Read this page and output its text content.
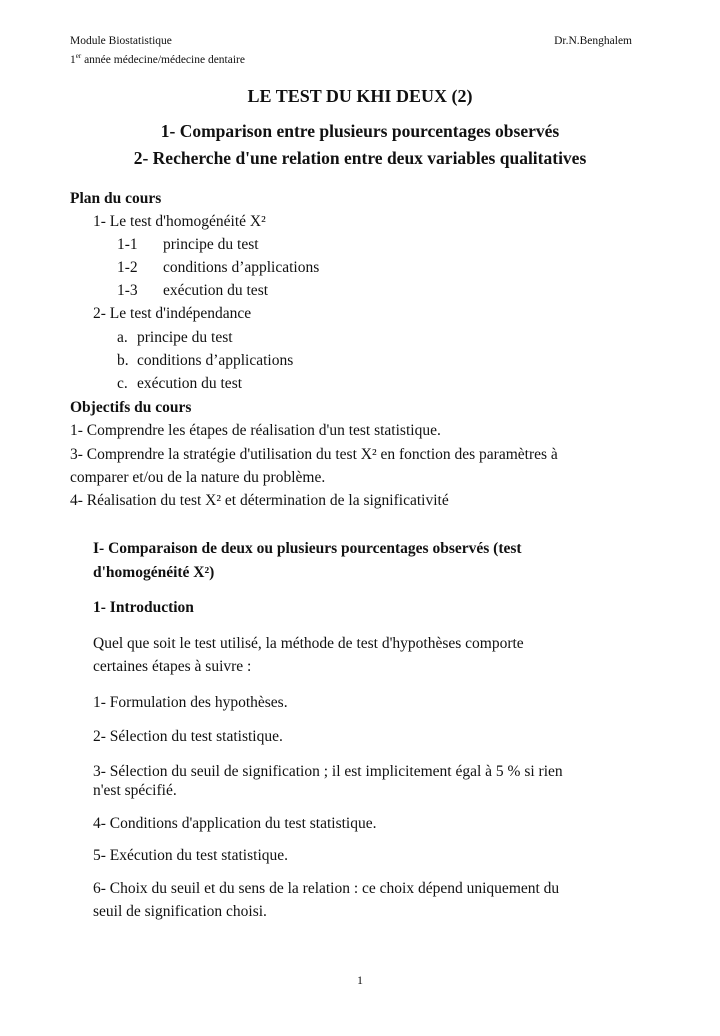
Module Biostatistique
1er année médecine/médecine dentaire
Dr.N.Benghalem
LE TEST DU KHI DEUX (2)
1- Comparison entre plusieurs pourcentages observés
2- Recherche d'une relation entre deux variables qualitatives
Plan du cours
1- Le test d'homogénéité X²
1-1 principe du test
1-2 conditions d’applications
1-3 exécution du test
2- Le test d'indépendance
a. principe du test
b. conditions d’applications
c. exécution du test
Objectifs du cours
1- Comprendre les étapes de réalisation d'un test statistique.
3- Comprendre la stratégie d'utilisation du test X² en fonction des paramètres à
comparer et/ou de la nature du problème.
4- Réalisation du test X² et détermination de la significativité
I- Comparaison de deux ou plusieurs pourcentages observés (test
d'homogénéité X²)
1- Introduction
Quel que soit le test utilisé, la méthode de test d'hypothèses comporte
certaines étapes à suivre :
1- Formulation des hypothèses.
2- Sélection du test statistique.
3- Sélection du seuil de signification ; il est implicitement égal à 5 % si rien
n'est spécifié.
4- Conditions d'application du test statistique.
5- Exécution du test statistique.
6- Choix du seuil et du sens de la relation : ce choix dépend uniquement du
seuil de signification choisi.
1
